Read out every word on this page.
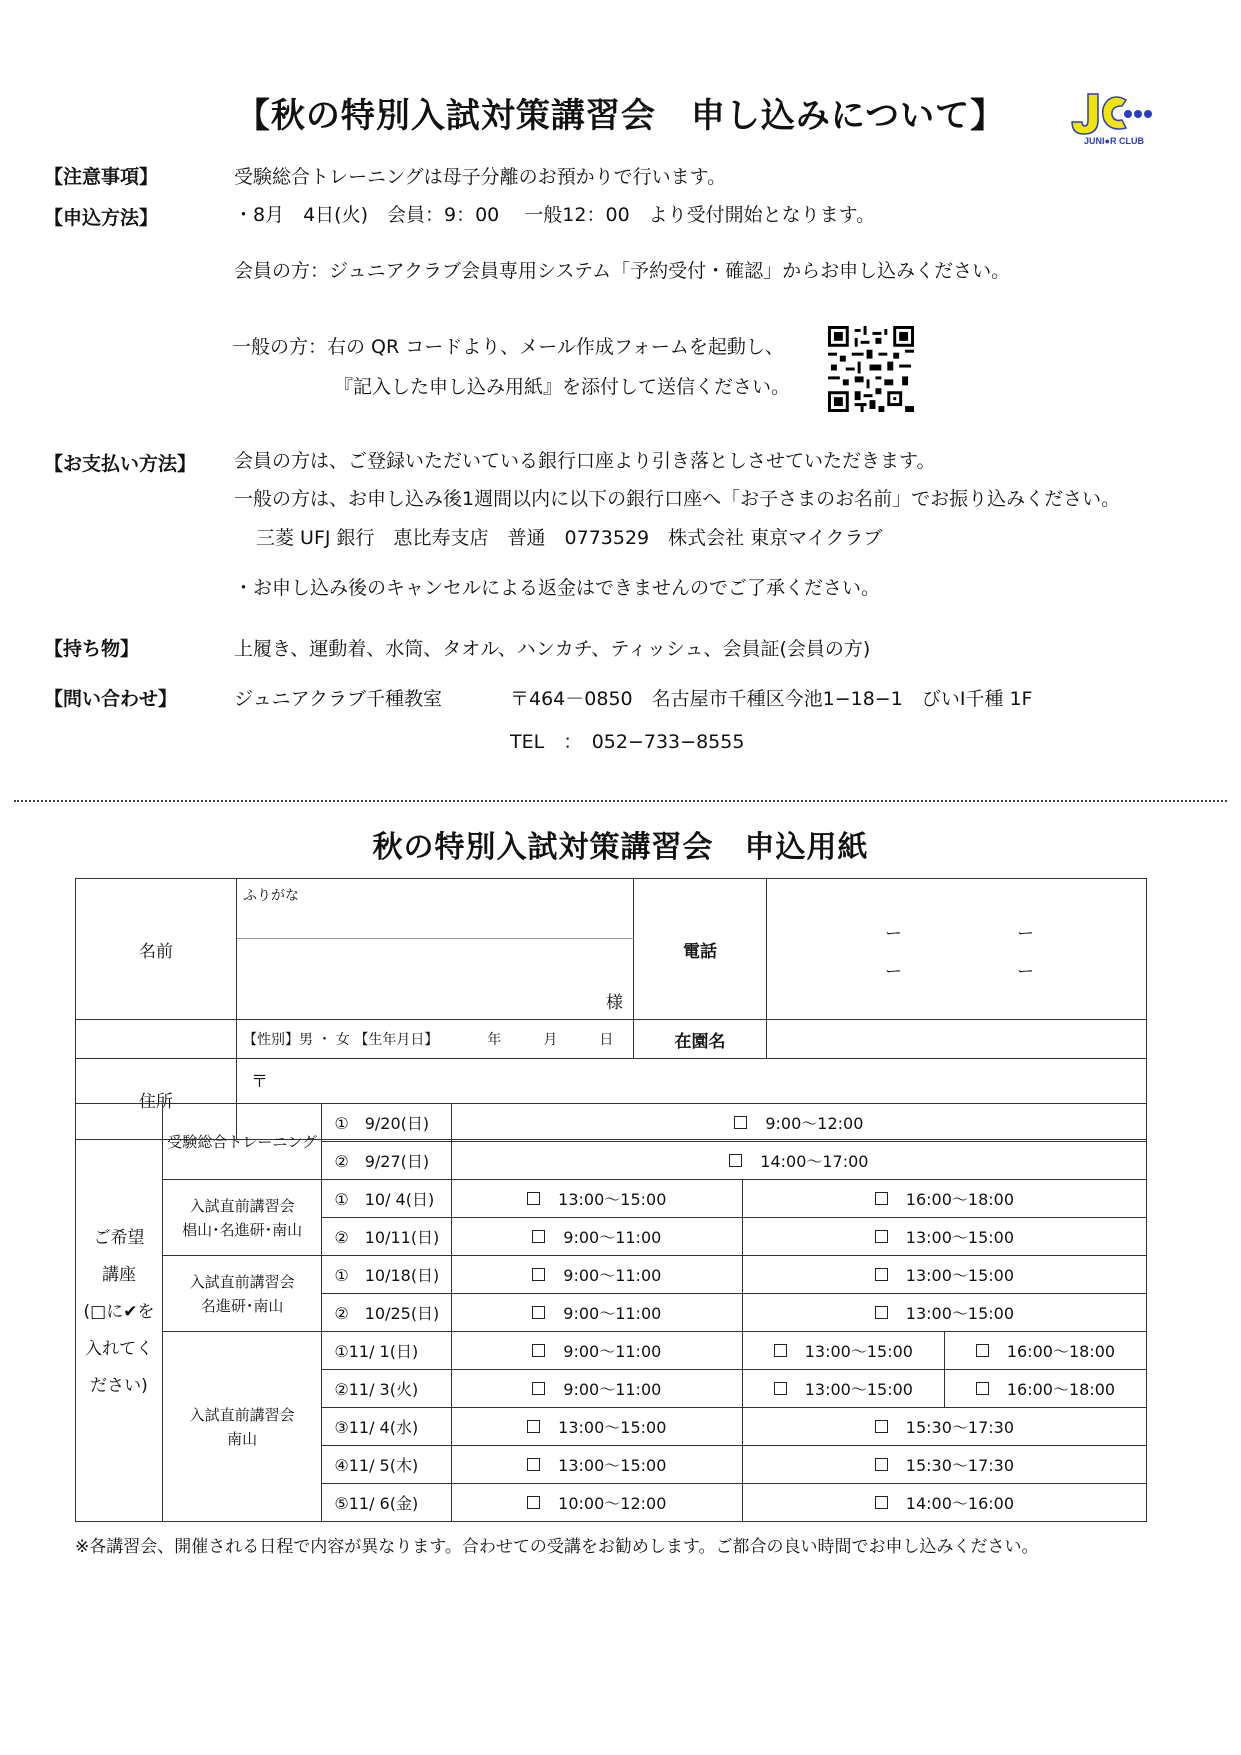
【秋の特別入試対策講習会　申し込みについて】
JUNI●R CLUB
【注意事項】	受験総合トレーニングは母子分離のお預かりで行います。
【申込方法】	・8月　4日(火)　会員：9：00　 一般12：00　より受付開始となります。
会員の方：ジュニアクラブ会員専用システム「予約受付・確認」からお申し込みください。
一般の方：右の QR コードより、メール作成フォームを起動し、
『記入した申し込み用紙』を添付して送信ください。
【お支払い方法】 会員の方は、ご登録いただいている銀行口座より引き落としさせていただきます。
一般の方は、お申し込み後1週間以内に以下の銀行口座へ「お子さまのお名前」でお振り込みください。
三菱 UFJ 銀行　恵比寿支店　普通　0773529　株式会社 東京マイクラブ
・お申し込み後のキャンセルによる返金はできませんのでご了承ください。
【持ち物】	上履き、運動着、水筒、タオル、ハンカチ、ティッシュ、会員証(会員の方)
【問い合わせ】	ジュニアクラブ千種教室	〒464－0850　名古屋市千種区今池1−18−1　びいⅠ千種 1F
TEL　：　052−733−8555
秋の特別入試対策講習会　申込用紙
名前	ふりがな	電話	ー ー
ー ー

	様		
	【性別】男 ・ 女 【生年月日】　　　　年　　　月　　　日	在園名	
住所	〒		
ご希望
講座
(□に✔を
入れてく
ださい)	受験総合トレーニング	①　9/20(日)	9:00～12:00		
		②　9/27(日)	14:00～17:00		

	入試直前講習会
椙山･名進研･南山	①　10/ 4(日)	13:00～15:00	16:00～18:00	
		②　10/11(日)	9:00～11:00	13:00～15:00	

	入試直前講習会
名進研･南山	①　10/18(日)	9:00～11:00	13:00～15:00	
		②　10/25(日)	9:00～11:00	13:00～15:00	

	入試直前講習会
南山	①11/ 1(日)	9:00～11:00	13:00～15:00	16:00～18:00
		②11/ 3(火)	9:00～11:00	13:00～15:00	16:00～18:00
		③11/ 4(水)	13:00～15:00	15:30～17:30	
		④11/ 5(木)	13:00～15:00	15:30～17:30	
		⑤11/ 6(金)	10:00～12:00	14:00～16:00	
※各講習会、開催される日程で内容が異なります。合わせての受講をお勧めします。ご都合の良い時間でお申し込みください。
